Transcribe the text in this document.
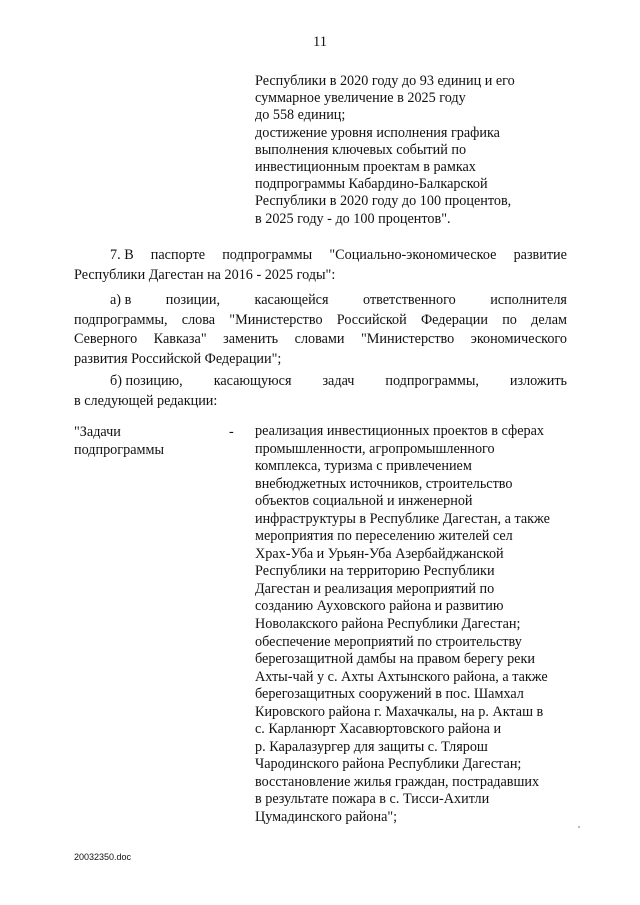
11
Республики в 2020 году до 93 единиц и его
суммарное увеличение в 2025 году
до 558 единиц;
достижение уровня исполнения графика
выполнения ключевых событий по
инвестиционным проектам в рамках
подпрограммы Кабардино-Балкарской
Республики в 2020 году до 100 процентов,
в 2025 году - до 100 процентов".
7. В паспорте подпрограммы "Социально-экономическое развитие
Республики Дагестан на 2016 - 2025 годы":
а) в позиции, касающейся ответственного исполнителя
подпрограммы, слова "Министерство Российской Федерации по делам
Северного Кавказа" заменить словами "Министерство экономического
развития Российской Федерации";
б) позицию, касающуюся задач подпрограммы, изложить
в следующей редакции:
"Задачи
подпрограммы
- реализация инвестиционных проектов в сферах
промышленности, агропромышленного
комплекса, туризма с привлечением
внебюджетных источников, строительство
объектов социальной и инженерной
инфраструктуры в Республике Дагестан, а также
мероприятия по переселению жителей сел
Храх-Уба и Урьян-Уба Азербайджанской
Республики на территорию Республики
Дагестан и реализация мероприятий по
созданию Ауховского района и развитию
Новолакского района Республики Дагестан;
обеспечение мероприятий по строительству
берегозащитной дамбы на правом берегу реки
Ахты-чай у с. Ахты Ахтынского района, а также
берегозащитных сооружений в пос. Шамхал
Кировского района г. Махачкалы, на р. Акташ в
с. Карланюрт Хасавюртовского района и
р. Каралазургер для защиты с. Тлярош
Чародинского района Республики Дагестан;
восстановление жилья граждан, пострадавших
в результате пожара в с. Тисси-Ахитли
Цумадинского района";
20032350.doc
